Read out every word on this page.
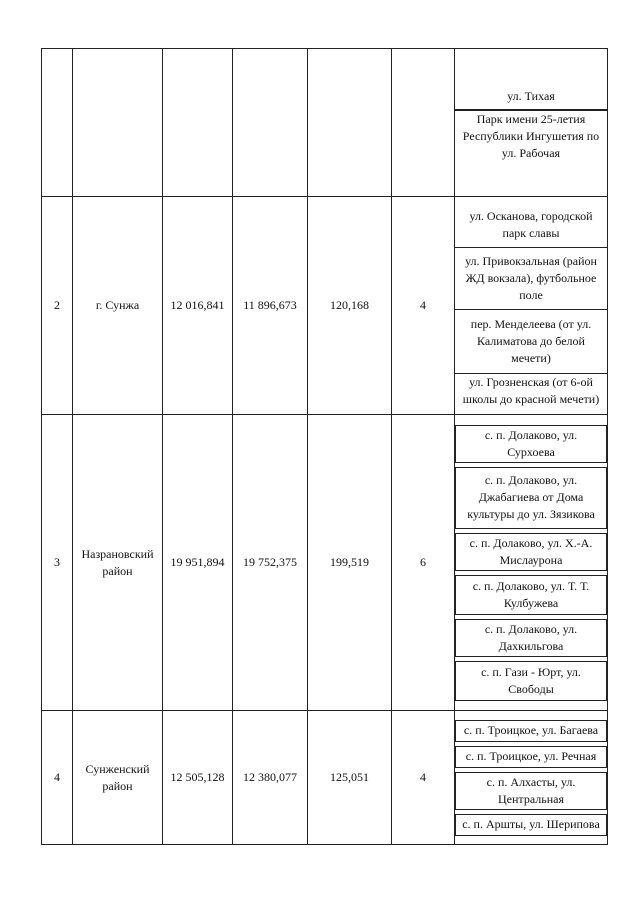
ул. Тихая
Парк имени 25-летия Республики Ингушетия по ул. Рабочая

2	г. Сунжа	12 016,841	11 896,673	120,168	4	
ул. Осканова, городской парк славы
ул. Привокзальная (район ЖД вокзала), футбольное поле
пер. Менделеева (от ул. Калиматова до белой мечети)
ул. Грозненская (от 6-ой школы до красной мечети)

3	Назрановский район	19 951,894	19 752,375	199,519	6	
с. п. Долаково, ул. Сурхоева
с. п. Долаково, ул. Джабагиева от Дома культуры до ул. Зязикова
с. п. Долаково, ул. Х.-А. Мислаурона
с. п. Долаково, ул. Т. Т. Кулбужева
с. п. Долаково, ул. Дахкильгова
с. п. Гази - Юрт, ул. Свободы

4	Сунженский район	12 505,128	12 380,077	125,051	4	
с. п. Троицкое, ул. Багаева
с. п. Троицкое, ул. Речная
с. п. Алхасты, ул. Центральная
с. п. Аршты, ул. Шерипова
